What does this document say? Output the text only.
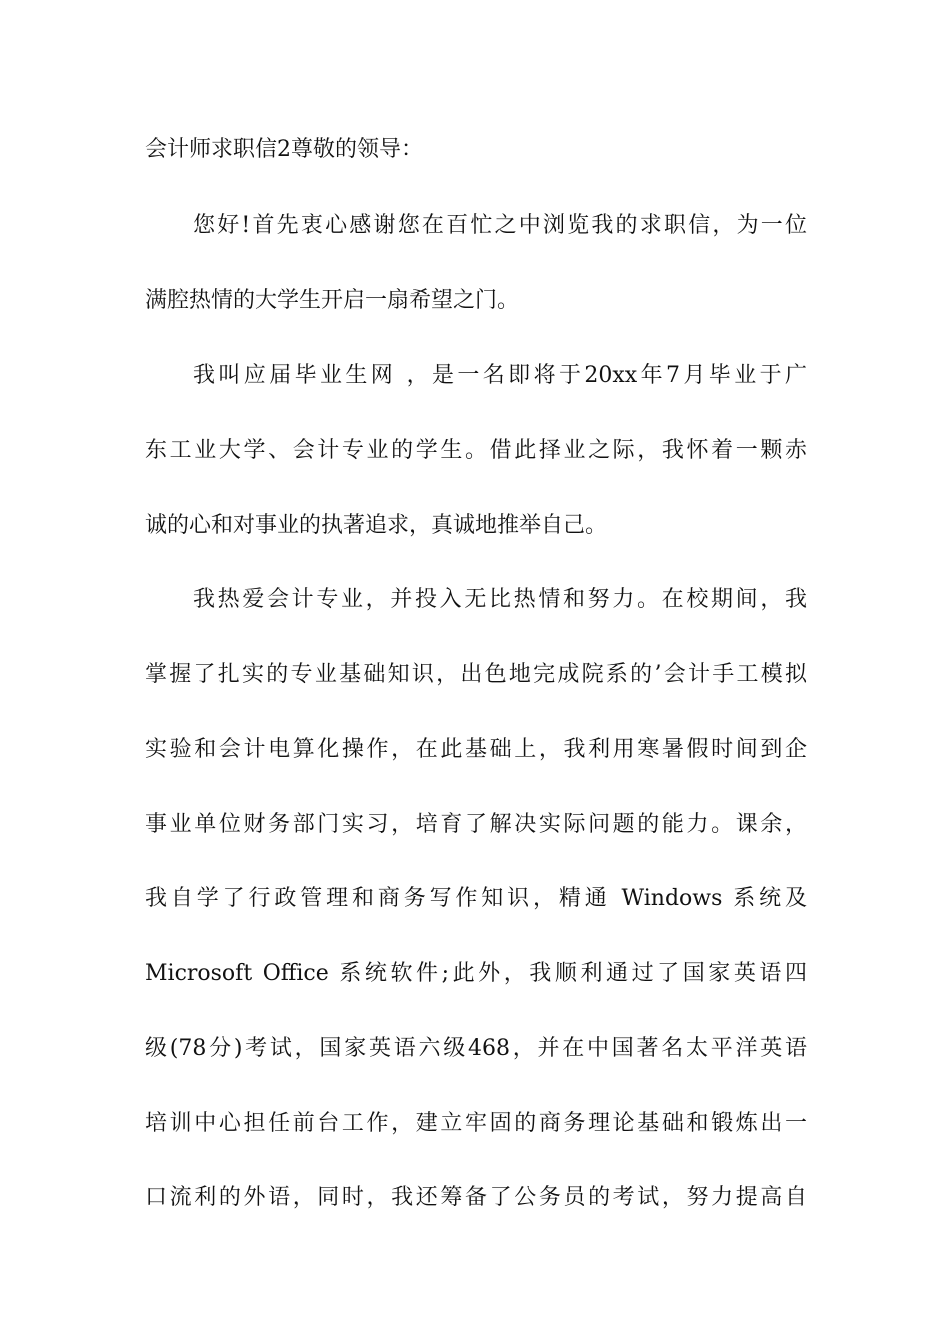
会计师求职信2尊敬的领导：
您好!首先衷心感谢您在百忙之中浏览我的求职信，为一位
满腔热情的大学生开启一扇希望之门。
我叫应届毕业生网 ，是一名即将于20xx年7月毕业于广
东工业大学、会计专业的学生。借此择业之际，我怀着一颗赤
诚的心和对事业的执著追求，真诚地推举自己。
我热爱会计专业，并投入无比热情和努力。在校期间，我
掌握了扎实的专业基础知识，出色地完成院系的’会计手工模拟
实验和会计电算化操作，在此基础上，我利用寒暑假时间到企
事业单位财务部门实习，培育了解决实际问题的能力。课余，
我自学了行政管理和商务写作知识，精通 Windows 系统及
Microsoft Office 系统软件;此外，我顺利通过了国家英语四
级(78分)考试，国家英语六级468，并在中国著名太平洋英语
培训中心担任前台工作，建立牢固的商务理论基础和锻炼出一
口流利的外语，同时，我还筹备了公务员的考试，努力提高自
